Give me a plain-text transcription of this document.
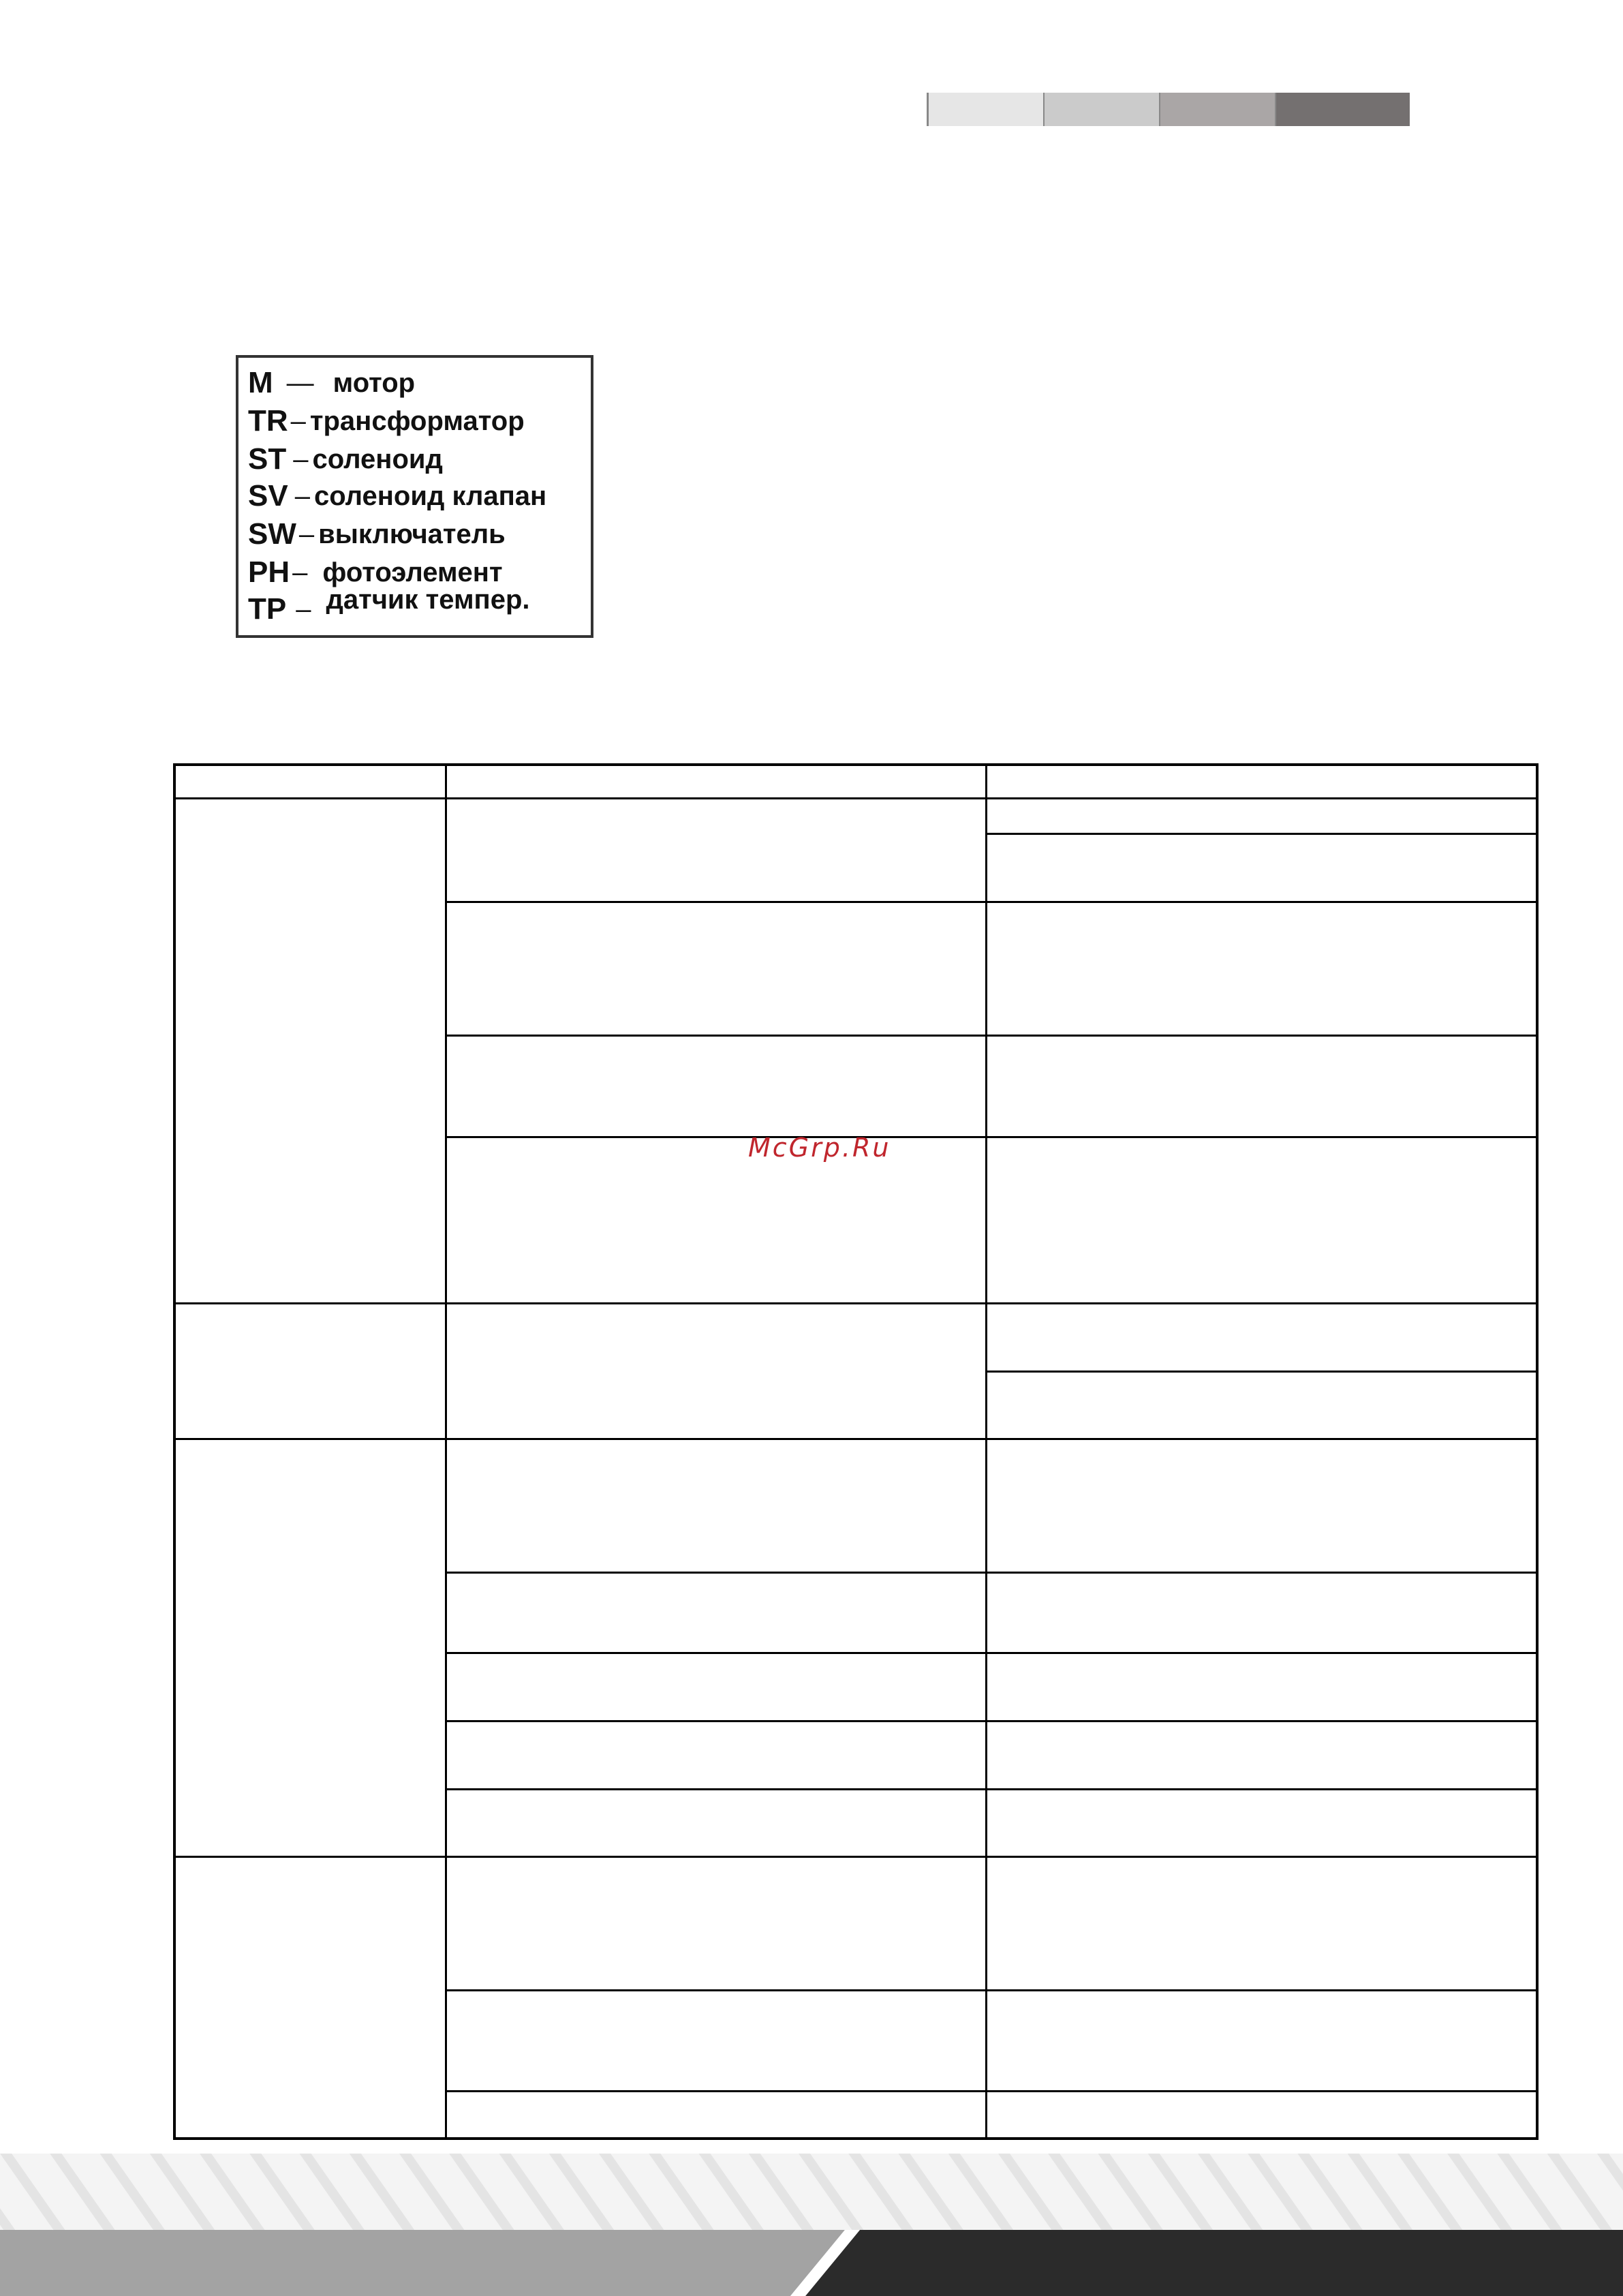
M — мотор
TR – трансформатор
ST – соленоид
SV – соленоид клапан
SW – выключатель
PH – фотоэлемент
TP – датчик темпер.
McGrp.Ru
